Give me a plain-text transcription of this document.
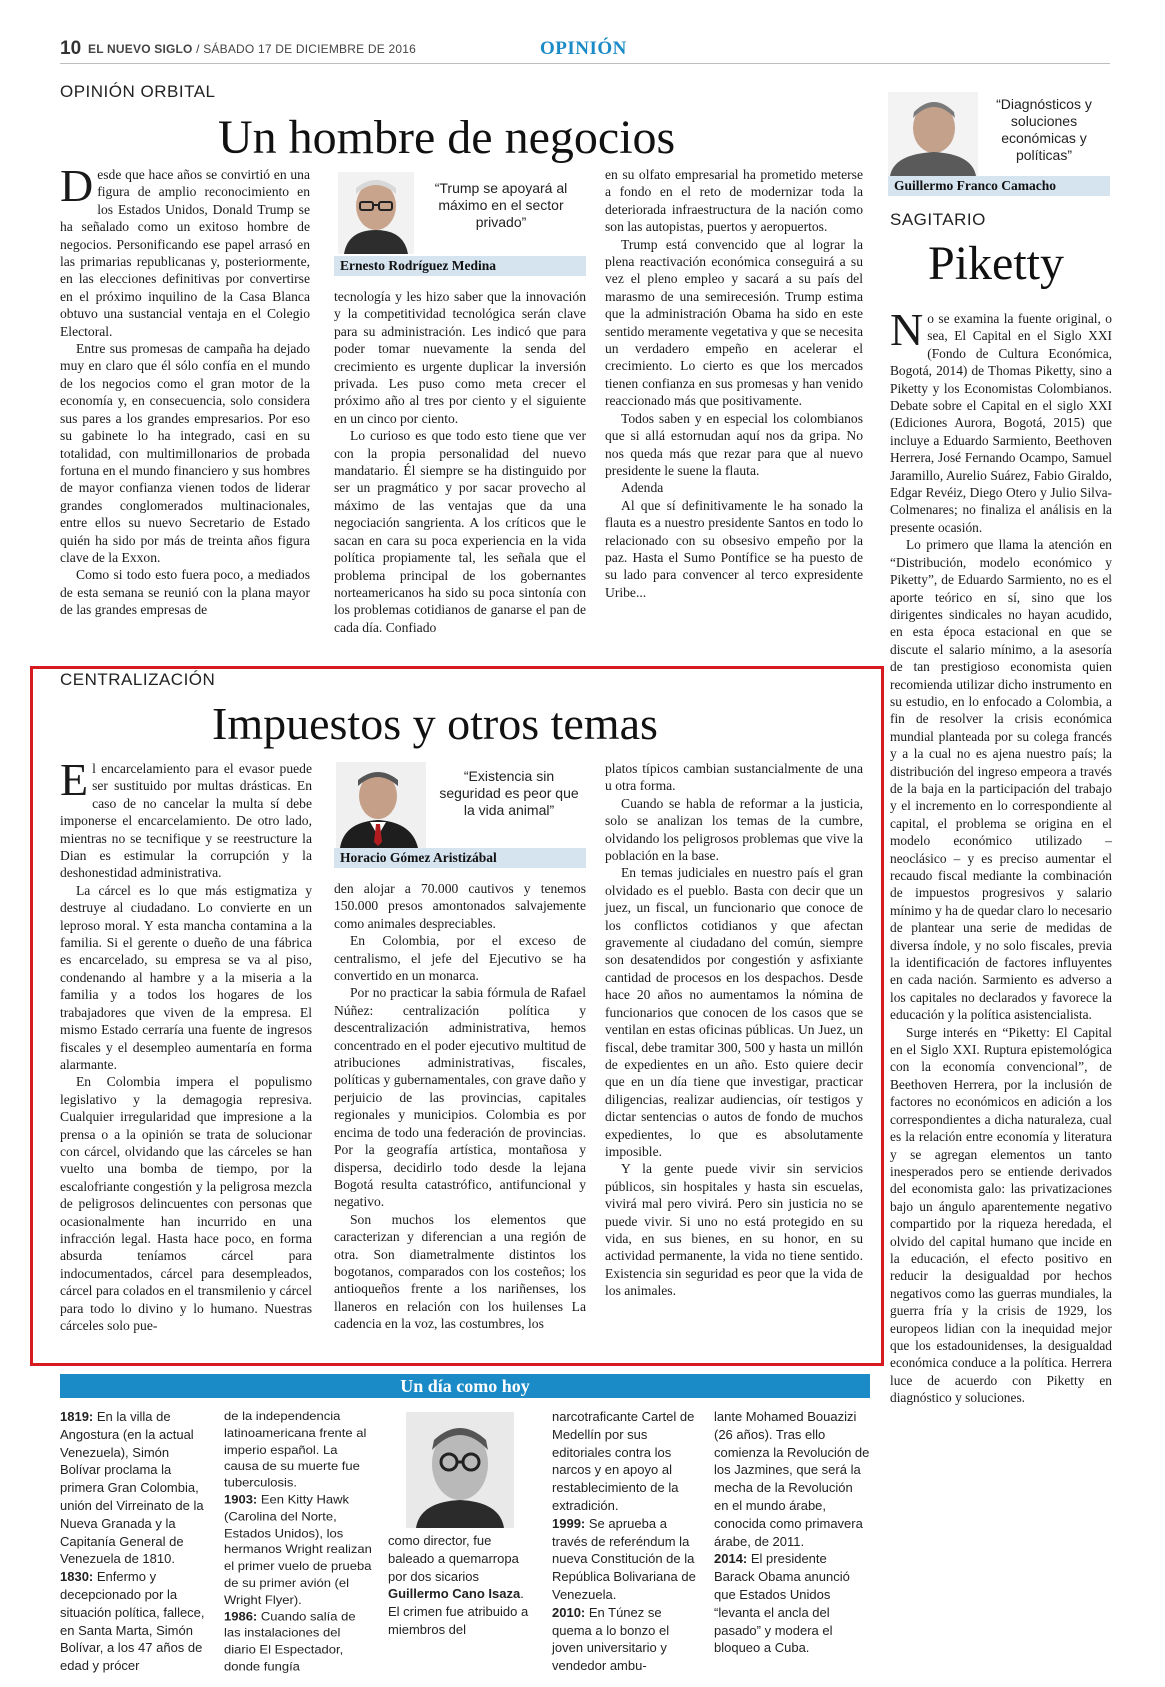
10 EL NUEVO SIGLO / SÁBADO 17 DE DICIEMBRE DE 2016	OPINIÓN
OPINIÓN ORBITAL
Un hombre de negocios

Desde que hace años se convirtió en una figura de amplio reconocimiento en los Estados Unidos, Donald Trump se ha señalado como un exitoso hombre de negocios. Personificando ese papel arrasó en las primarias republicanas y, posteriormente, en las elecciones definitivas por convertirse en el próximo inquilino de la Casa Blanca obtuvo una sustancial ventaja en el Colegio Electoral.

Entre sus promesas de campaña ha dejado muy en claro que él sólo confía en el mundo de los negocios como el gran motor de la economía y, en consecuencia, solo considera sus pares a los grandes empresarios. Por eso su gabinete lo ha integrado, casi en su totalidad, con multimillonarios de probada fortuna en el mundo financiero y sus hombres de mayor confianza vienen todos de liderar grandes conglomerados multinacionales, entre ellos su nuevo Secretario de Estado quién ha sido por más de treinta años figura clave de la Exxon.

Como si todo esto fuera poco, a mediados de esta semana se reunió con la plana mayor de las grandes empresas de

“Trump se apoyará al máximo en el sector privado”
Ernesto Rodríguez Medina

tecnología y les hizo saber que la innovación y la competitividad tecnológica serán clave para su administración. Les indicó que para poder tomar nuevamente la senda del crecimiento es urgente duplicar la inversión privada. Les puso como meta crecer el próximo año al tres por ciento y el siguiente en un cinco por ciento.

Lo curioso es que todo esto tiene que ver con la propia personalidad del nuevo mandatario. Él siempre se ha distinguido por ser un pragmático y por sacar provecho al máximo de las ventajas que da una negociación sangrienta. A los críticos que le sacan en cara su poca experiencia en la vida política propiamente tal, les señala que el problema principal de los gobernantes norteamericanos ha sido su poca sintonía con los problemas cotidianos de ganarse el pan de cada día. Confiado

en su olfato empresarial ha prometido meterse a fondo en el reto de modernizar toda la deteriorada infraestructura de la nación como son las autopistas, puertos y aeropuertos.

Trump está convencido que al lograr la plena reactivación económica conseguirá a su vez el pleno empleo y sacará a su país del marasmo de una semirecesión. Trump estima que la administración Obama ha sido en este sentido meramente vegetativa y que se necesita un verdadero empeño en acelerar el crecimiento. Lo cierto es que los mercados tienen confianza en sus promesas y han venido reaccionado más que positivamente.

Todos saben y en especial los colombianos que si allá estornudan aquí nos da gripa. No nos queda más que rezar para que al nuevo presidente le suene la flauta.

Adenda

Al que sí definitivamente le ha sonado la flauta es a nuestro presidente Santos en todo lo relacionado con su obsesivo empeño por la paz. Hasta el Sumo Pontífice se ha puesto de su lado para convencer al terco expresidente Uribe...

CENTRALIZACIÓN
Impuestos y otros temas

El encarcelamiento para el evasor puede ser sustituido por multas drásticas. En caso de no cancelar la multa sí debe imponerse el encarcelamiento. De otro lado, mientras no se tecnifique y se reestructure la Dian es estimular la corrupción y la deshonestidad administrativa.

La cárcel es lo que más estigmatiza y destruye al ciudadano. Lo convierte en un leproso moral. Y esta mancha contamina a la familia. Si el gerente o dueño de una fábrica es encarcelado, su empresa se va al piso, condenando al hambre y a la miseria a la familia y a todos los hogares de los trabajadores que viven de la empresa. El mismo Estado cerraría una fuente de ingresos fiscales y el desempleo aumentaría en forma alarmante.

En Colombia impera el populismo legislativo y la demagogia represiva. Cualquier irregularidad que impresione a la prensa o a la opinión se trata de solucionar con cárcel, olvidando que las cárceles se han vuelto una bomba de tiempo, por la escalofriante congestión y la peligrosa mezcla de peligrosos delincuentes con personas que ocasionalmente han incurrido en una infracción legal. Hasta hace poco, en forma absurda teníamos cárcel para indocumentados, cárcel para desempleados, cárcel para colados en el transmilenio y cárcel para todo lo divino y lo humano. Nuestras cárceles solo pue-

“Existencia sin seguridad es peor que la vida animal”
Horacio Gómez Aristizábal

den alojar a 70.000 cautivos y tenemos 150.000 presos amontonados salvajemente como animales despreciables.

En Colombia, por el exceso de centralismo, el jefe del Ejecutivo se ha convertido en un monarca.

Por no practicar la sabia fórmula de Rafael Núñez: centralización política y descentralización administrativa, hemos concentrado en el poder ejecutivo multitud de atribuciones administrativas, fiscales, políticas y gubernamentales, con grave daño y perjuicio de las provincias, capitales regionales y municipios. Colombia es por encima de todo una federación de provincias. Por la geografía artística, montañosa y dispersa, decidirlo todo desde la lejana Bogotá resulta catastrófico, antifuncional y negativo.

Son muchos los elementos que caracterizan y diferencian a una región de otra. Son diametralmente distintos los bogotanos, comparados con los costeños; los antioqueños frente a los nariñenses, los llaneros en relación con los huilenses La cadencia en la voz, las costumbres, los

platos típicos cambian sustancialmente de una u otra forma.

Cuando se habla de reformar a la justicia, solo se analizan los temas de la cumbre, olvidando los peligrosos problemas que vive la población en la base.

En temas judiciales en nuestro país el gran olvidado es el pueblo. Basta con decir que un juez, un fiscal, un funcionario que conoce de los conflictos cotidianos y que afectan gravemente al ciudadano del común, siempre son desatendidos por congestión y asfixiante cantidad de procesos en los despachos. Desde hace 20 años no aumentamos la nómina de funcionarios que conocen de los casos que se ventilan en estas oficinas públicas. Un Juez, un fiscal, debe tramitar 300, 500 y hasta un millón de expedientes en un año. Esto quiere decir que en un día tiene que investigar, practicar diligencias, realizar audiencias, oír testigos y dictar sentencias o autos de fondo de muchos expedientes, lo que es absolutamente imposible.

Y la gente puede vivir sin servicios públicos, sin hospitales y hasta sin escuelas, vivirá mal pero vivirá. Pero sin justicia no se puede vivir. Si uno no está protegido en su vida, en sus bienes, en su honor, en su actividad permanente, la vida no tiene sentido. Existencia sin seguridad es peor que la vida de los animales.

“Diagnósticos y soluciones económicas y políticas”
Guillermo Franco Camacho
SAGITARIO
Piketty

No se examina la fuente original, o sea, El Capital en el Siglo XXI (Fondo de Cultura Económica, Bogotá, 2014) de Thomas Piketty, sino a Piketty y los Economistas Colombianos. Debate sobre el Capital en el siglo XXI (Ediciones Aurora, Bogotá, 2015) que incluye a Eduardo Sarmiento, Beethoven Herrera, José Fernando Ocampo, Samuel Jaramillo, Aurelio Suárez, Fabio Giraldo, Edgar Revéiz, Diego Otero y Julio Silva-Colmenares; no finaliza el análisis en la presente ocasión.

Lo primero que llama la atención en “Distribución, modelo económico y Piketty”, de Eduardo Sarmiento, no es el aporte teórico en sí, sino que los dirigentes sindicales no hayan acudido, en esta época estacional en que se discute el salario mínimo, a la asesoría de tan prestigioso economista quien recomienda utilizar dicho instrumento en su estudio, en lo enfocado a Colombia, a fin de resolver la crisis económica mundial planteada por su colega francés y a la cual no es ajena nuestro país; la distribución del ingreso empeora a través de la baja en la participación del trabajo y el incremento en lo correspondiente al capital, el problema se origina en el modelo económico utilizado – neoclásico – y es preciso aumentar el recaudo fiscal mediante la combinación de impuestos progresivos y salario mínimo y ha de quedar claro lo necesario de plantear una serie de medidas de diversa índole, y no solo fiscales, previa la identificación de factores influyentes en cada nación. Sarmiento es adverso a los capitales no declarados y favorece la educación y la política asistencialista.

Surge interés en “Piketty: El Capital en el Siglo XXI. Ruptura epistemológica con la economía convencional”, de Beethoven Herrera, por la inclusión de factores no económicos en adición a los correspondientes a dicha naturaleza, cual es la relación entre economía y literatura y se agregan elementos un tanto inesperados pero se entiende derivados del economista galo: las privatizaciones bajo un ángulo aparentemente negativo compartido por la riqueza heredada, el olvido del capital humano que incide en la educación, el efecto positivo en reducir la desigualdad por hechos negativos como las guerras mundiales, la guerra fría y la crisis de 1929, los europeos lidian con la inequidad mejor que los estadounidenses, la desigualdad económica conduce a la política. Herrera luce de acuerdo con Piketty en diagnóstico y soluciones.

Un día como hoy
1819: En la villa de Angostura (en la actual Venezuela), Simón Bolívar proclama la primera Gran Colombia, unión del Virreinato de la Nueva Granada y la Capitanía General de Venezuela de 1810.
1830: Enfermo y decepcionado por la situación política, fallece, en Santa Marta, Simón Bolívar, a los 47 años de edad y prócer
de la independencia latinoamericana frente al imperio español. La causa de su muerte fue tuberculosis.
1903: Een Kitty Hawk (Carolina del Norte, Estados Unidos), los hermanos Wright realizan el primer vuelo de prueba de su primer avión (el Wright Flyer).
1986: Cuando salía de las instalaciones del diario El Espectador, donde fungía
como director, fue baleado a quemarropa por dos sicarios Guillermo Cano Isaza. El crimen fue atribuido a miembros del
narcotraficante Cartel de Medellín por sus editoriales contra los narcos y en apoyo al restablecimiento de la extradición.
1999: Se aprueba a través de referéndum la nueva Constitución de la República Bolivariana de Venezuela.
2010: En Túnez se quema a lo bonzo el joven universitario y vendedor ambu-
lante Mohamed Bouazizi (26 años). Tras ello comienza la Revolución de los Jazmines, que será la mecha de la Revolución en el mundo árabe, conocida como primavera árabe, de 2011.
2014: El presidente Barack Obama anunció que Estados Unidos “levanta el ancla del pasado” y modera el bloqueo a Cuba.
